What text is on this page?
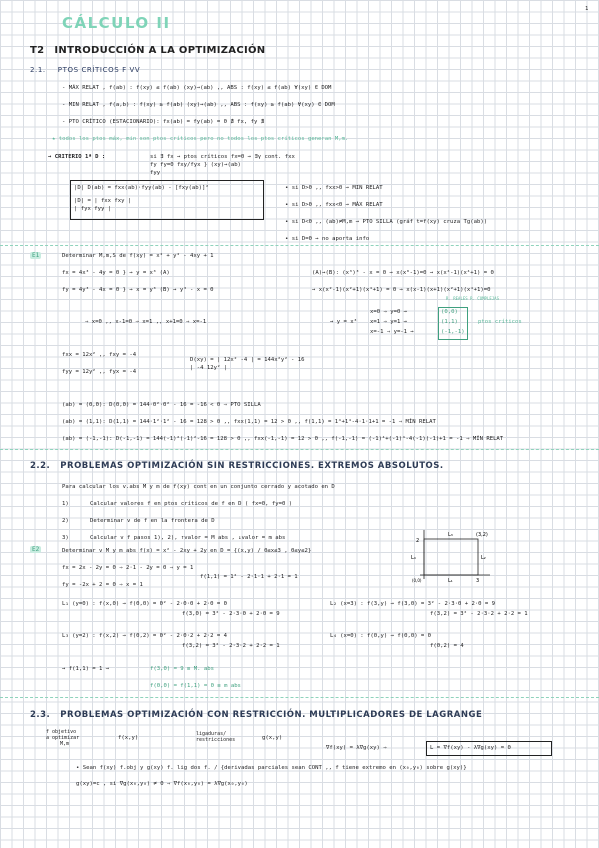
1
CÁLCULO II
T2 INTRODUCCIÓN A LA OPTIMIZACIÓN
2.1. PTOS CRÍTICOS F VV
- MÁX RELAT , f(ab) : f(xy) ≤ f(ab) (xy)→(ab) ,, ABS : f(xy) ≤ f(ab) ∀(xy) ∈ DOM
- MIN RELAT , f(a,b) : f(xy) ≥ f(ab) (xy)→(ab) ,, ABS : f(xy) ≥ f(ab) ∀(xy) ∈ DOM
- PTO CRÍTICO (ESTACIONARIO): fx(ab) = fy(ab) = 0 ∄ fx, fy ∄
★ todos los ptos máx, min son ptos críticos pero no todos los ptos críticos generan M,m.
→ CRITERIO 1ª D :	si ∃ fx → ptos críticos fx=0 → ∃γ cont. fxx
fy fy=0 fxy/fyx } (xy)→(ab)
fyy
|D| D(ab) = fxx(ab)·fyy(ab) - [fxy(ab)]²
|D| = | fxx fxy |
| fyx fyy |
• si D>0 ,, fxx>0 → MIN RELAT
• si D>0 ,, fxx<0 → MÁX RELAT
• si D<0 ,, (ab)≠M,m → PTO SILLA (gráf t=f(xy) cruza Tg(ab))
• si D=0 → no aporta info
E1	Determinar M,m,S de f(xy) = x⁴ + y⁴ - 4xy + 1
fx = 4x³ - 4y = 0 } → y = x³ (A)
fy = 4y³ - 4x = 0 } → x = y³ (B) → y³ - x = 0
(A)→(B): (x³)³ - x = 0 → x(x⁸-1)=0 → x(x⁴-1)(x⁴+1) = 0
→ x(x²-1)(x²+1)(x⁴+1) = 0 → x(x-1)(x+1)(x²+1)(x⁴+1)=0
R. REALES R. COMPLEJAS
⇒ x=0 ,, x-1=0 ⇒ x=1 ,, x+1=0 ⇒ x=-1	→ y = x³
x=0 ⇒ y=0 →
x=1 ⇒ y=1 →
x=-1 ⇒ y=-1 →
(0,0)
(1,1)
(-1,-1)
ptos críticos
fxx = 12x² ,, fxy = -4
fyy = 12y² ,, fyx = -4
D(xy) = | 12x² -4 | = 144x²y² - 16
| -4 12y² |
(ab) = (0,0): D(0,0) = 144·0²·0² - 16 = -16 < 0 ⇒ PTO SILLA
(ab) = (1,1): D(1,1) = 144·1²·1² - 16 = 128 > 0 ,, fxx(1,1) = 12 > 0 ,, f(1,1) = 1⁴+1⁴-4·1·1+1 = -1 ⇒ MÍN RELAT
(ab) = (-1,-1): D(-1,-1) = 144(-1)²(-1)²-16 = 128 > 0 ,, fxx(-1,-1) = 12 > 0 ,, f(-1,-1) = (-1)⁴+(-1)⁴-4(-1)(-1)+1 = -1 ⇒ MÍN RELAT
2.2. PROBLEMAS OPTIMIZACIÓN SIN RESTRICCIONES. EXTREMOS ABSOLUTOS.
Para calcular los v.abs M y m de f(xy) cont en un conjunto cerrado y acotado en D
1)	Calcular valores f en ptos críticos de f en D ( fx=0, fy=0 )
2)	Determinar v de f en la frontera de D
3)	Calcular v f pasos 1), 2), ↑valor = M abs , ↓valor = m abs
E2	Determinar v M y m abs f(x) = x² - 2xy + 2y en D = {(x,y) / 0≤x≤3 , 0≤y≤2}
fx = 2x - 2y = 0 ⇒ 2·1 - 2y = 0 ⇒ y = 1
fy = -2x + 2 = 0 ⇒ x = 1
f(1,1) = 1² - 2·1·1 + 2·1 = 1
L₃	(3,2)
L₄	L₂
L₁
2
3
(0,0)
L₁ (y=0) : f(x,0) → f(0,0) = 0² - 2·0·0 + 2·0 = 0
f(3,0) = 3² - 2·3·0 + 2·0 = 9
L₂ (x=3) : f(3,y) → f(3,0) = 3² - 2·3·0 + 2·0 = 9
f(3,2) = 3² - 2·3·2 + 2·2 = 1
L₃ (y=2) : f(x,2) → f(0,2) = 0² - 2·0·2 + 2·2 = 4
f(3,2) = 3² - 2·3·2 + 2·2 = 1
L₄ (x=0) : f(0,y) → f(0,0) = 0
f(0,2) = 4
→ f(1,1) = 1 →	f(3,0) = 9 ≡ M. abs
f(0,0) = f(1,1) = 0 ≡ m abs
2.3. PROBLEMAS OPTIMIZACIÓN CON RESTRICCIÓN. MULTIPLICADORES DE LAGRANGE
f objetivo
a optimizar
M,m
f(x,y)
ligaduras/
restricciones	g(x,y)
∇f(xy) = λ∇g(xy) ⇒	L = ∇f(xy) - λ∇g(xy) = 0
• Sean f(xy) f.obj y g(xy) f. lig dos f. / {derivadas parciales sean CONT ,, f tiene extremo en (x₀,y₀) sobre g(xy)}
g(xy)=c , si ∇g(x₀,y₀) ≠ 0 ⇒ ∇f(x₀,y₀) = λ∇g(x₀,y₀)
